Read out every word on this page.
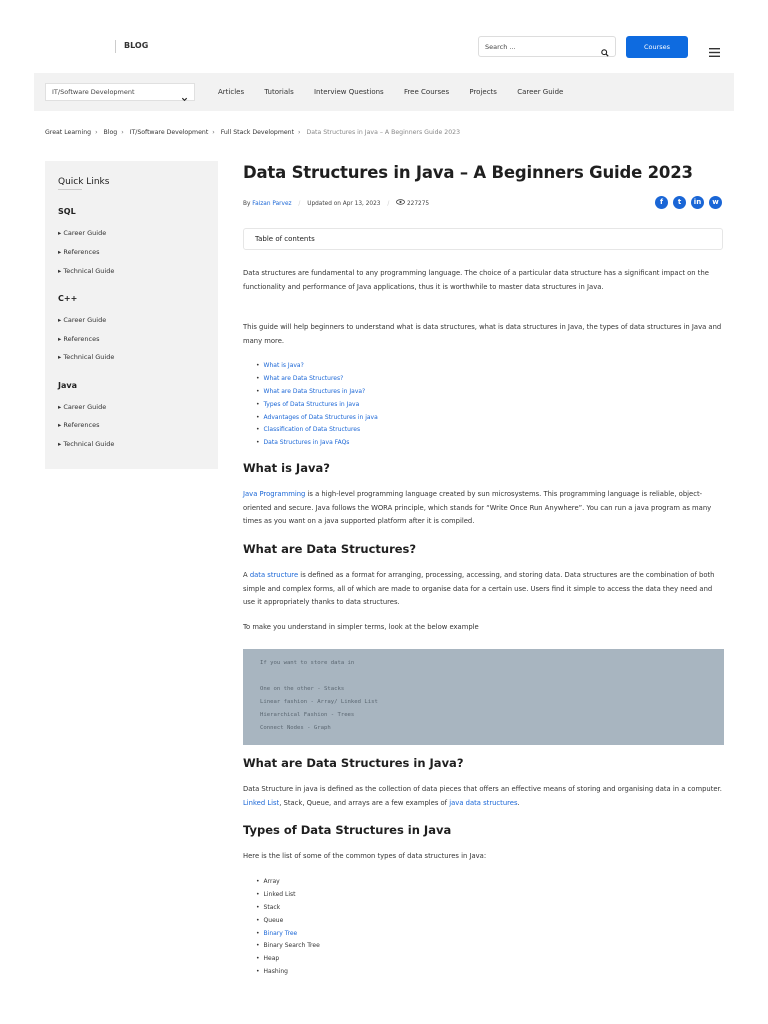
BLOG
Search ...	Courses
IT/Software Development	Articles	Tutorials	Interview Questions	Free Courses	Projects	Career Guide
Great Learning › Blog › IT/Software Development › Full Stack Development › Data Structures in Java – A Beginners Guide 2023
Quick Links
SQL
▸ Career Guide
▸ References
▸ Technical Guide
C++
▸ Career Guide
▸ References
▸ Technical Guide
Java
▸ Career Guide
▸ References
▸ Technical Guide
Data Structures in Java – A Beginners Guide 2023
By Faizan Parvez / Updated on Apr 13, 2023 /	227275	f	t	in	w
Table of contents

Data structures are fundamental to any programming language. The choice of a particular data structure has a significant impact on the functionality and performance of Java applications, thus it is worthwhile to master data structures in Java.

This guide will help beginners to understand what is data structures, what is data structures in Java, the types of data structures in Java and many more.

• What is Java?
• What are Data Structures?
• What are Data Structures in Java?
• Types of Data Structures in Java
• Advantages of Data Structures in java
• Classification of Data Structures
• Data Structures in Java FAQs
What is Java?

Java Programming is a high-level programming language created by sun microsystems. This programming language is reliable, object-oriented and secure. Java follows the WORA principle, which stands for “Write Once Run Anywhere”. You can run a java program as many times as you want on a java supported platform after it is compiled.

What are Data Structures?

A data structure is defined as a format for arranging, processing, accessing, and storing data. Data structures are the combination of both simple and complex forms, all of which are made to organise data for a certain use. Users find it simple to access the data they need and use it appropriately thanks to data structures.

To make you understand in simpler terms, look at the below example

If you want to store data in
One on the other - Stacks
Linear fashion - Array/ Linked List
Hierarchical Fashion - Trees
Connect Nodes - Graph
What are Data Structures in Java?

Data Structure in java is defined as the collection of data pieces that offers an effective means of storing and organising data in a computer. Linked List, Stack, Queue, and arrays are a few examples of java data structures.

Types of Data Structures in Java

Here is the list of some of the common types of data structures in Java:

• Array
• Linked List
• Stack
• Queue
• Binary Tree
• Binary Search Tree
• Heap
• Hashing
